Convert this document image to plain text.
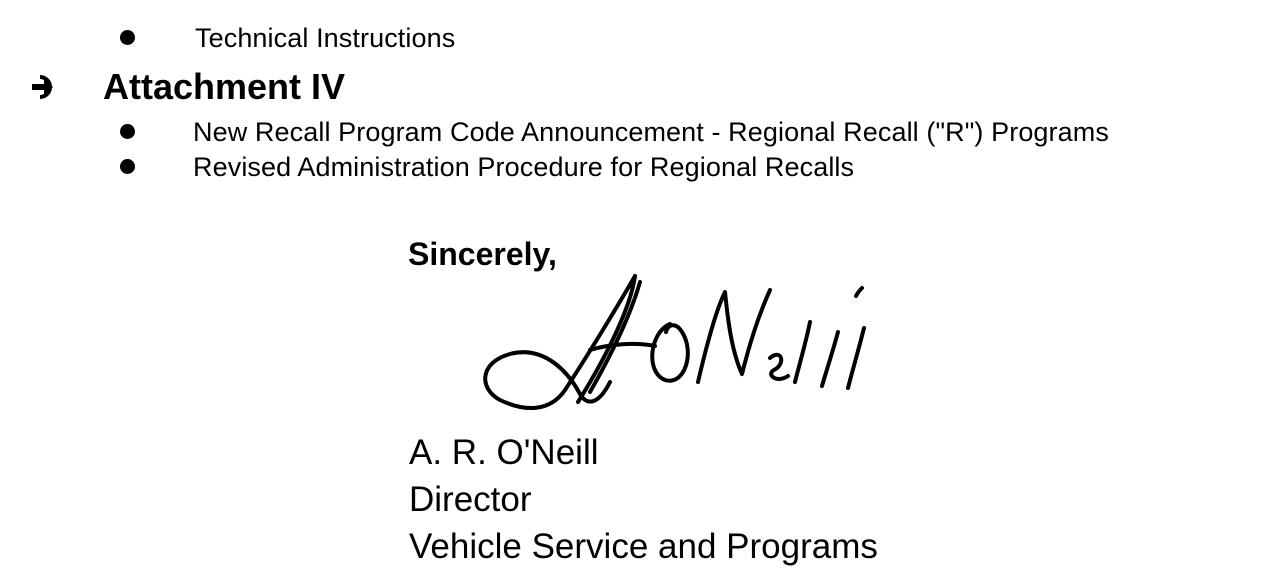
Technical Instructions
Attachment IV
New Recall Program Code Announcement - Regional Recall ("R") Programs
Revised Administration Procedure for Regional Recalls
Sincerely,
A. R. O'Neill
Director
Vehicle Service and Programs
